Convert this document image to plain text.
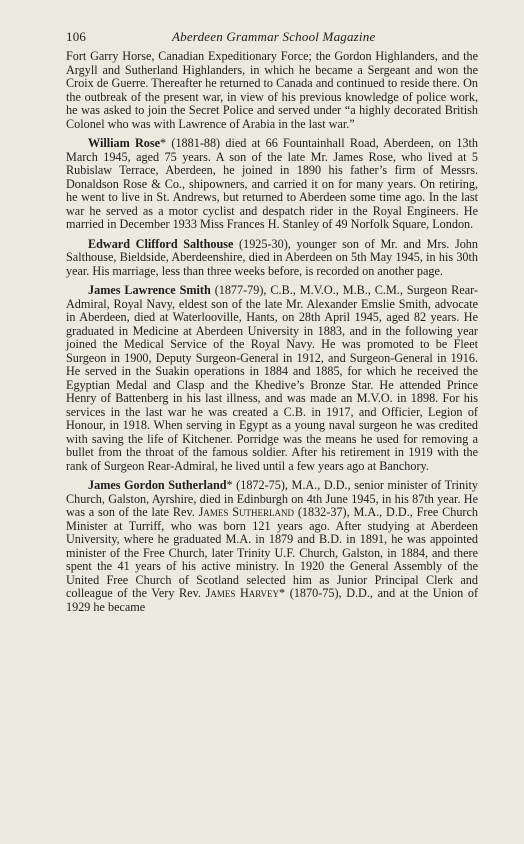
106	Aberdeen Grammar School Magazine

Fort Garry Horse, Canadian Expeditionary Force; the Gordon Highlanders, and the Argyll and Sutherland Highlanders, in which he became a Sergeant and won the Croix de Guerre. Thereafter he returned to Canada and continued to reside there. On the outbreak of the present war, in view of his previous knowledge of police work, he was asked to join the Secret Police and served under “a highly decorated British Colonel who was with Lawrence of Arabia in the last war.”

William Rose* (1881-88) died at 66 Fountainhall Road, Aberdeen, on 13th March 1945, aged 75 years. A son of the late Mr. James Rose, who lived at 5 Rubislaw Terrace, Aberdeen, he joined in 1890 his father’s firm of Messrs. Donaldson Rose & Co., shipowners, and carried it on for many years. On retiring, he went to live in St. Andrews, but returned to Aberdeen some time ago. In the last war he served as a motor cyclist and despatch rider in the Royal Engineers. He married in December 1933 Miss Frances H. Stanley of 49 Norfolk Square, London.

Edward Clifford Salthouse (1925-30), younger son of Mr. and Mrs. John Salthouse, Bieldside, Aberdeenshire, died in Aberdeen on 5th May 1945, in his 30th year. His marriage, less than three weeks before, is recorded on another page.

James Lawrence Smith (1877-79), C.B., M.V.O., M.B., C.M., Surgeon Rear-Admiral, Royal Navy, eldest son of the late Mr. Alexander Emslie Smith, advocate in Aberdeen, died at Waterlooville, Hants, on 28th April 1945, aged 82 years. He graduated in Medicine at Aberdeen University in 1883, and in the following year joined the Medical Service of the Royal Navy. He was promoted to be Fleet Surgeon in 1900, Deputy Surgeon-General in 1912, and Surgeon-General in 1916. He served in the Suakin operations in 1884 and 1885, for which he received the Egyptian Medal and Clasp and the Khedive’s Bronze Star. He attended Prince Henry of Battenberg in his last illness, and was made an M.V.O. in 1898. For his services in the last war he was created a C.B. in 1917, and Officier, Legion of Honour, in 1918. When serving in Egypt as a young naval surgeon he was credited with saving the life of Kitchener. Porridge was the means he used for removing a bullet from the throat of the famous soldier. After his retirement in 1919 with the rank of Surgeon Rear-Admiral, he lived until a few years ago at Banchory.

James Gordon Sutherland* (1872-75), M.A., D.D., senior minister of Trinity Church, Galston, Ayrshire, died in Edinburgh on 4th June 1945, in his 87th year. He was a son of the late Rev. James Sutherland (1832-37), M.A., D.D., Free Church Minister at Turriff, who was born 121 years ago. After studying at Aberdeen University, where he graduated M.A. in 1879 and B.D. in 1891, he was appointed minister of the Free Church, later Trinity U.F. Church, Galston, in 1884, and there spent the 41 years of his active ministry. In 1920 the General Assembly of the United Free Church of Scotland selected him as Junior Principal Clerk and colleague of the Very Rev. James Harvey* (1870-75), D.D., and at the Union of 1929 he became
